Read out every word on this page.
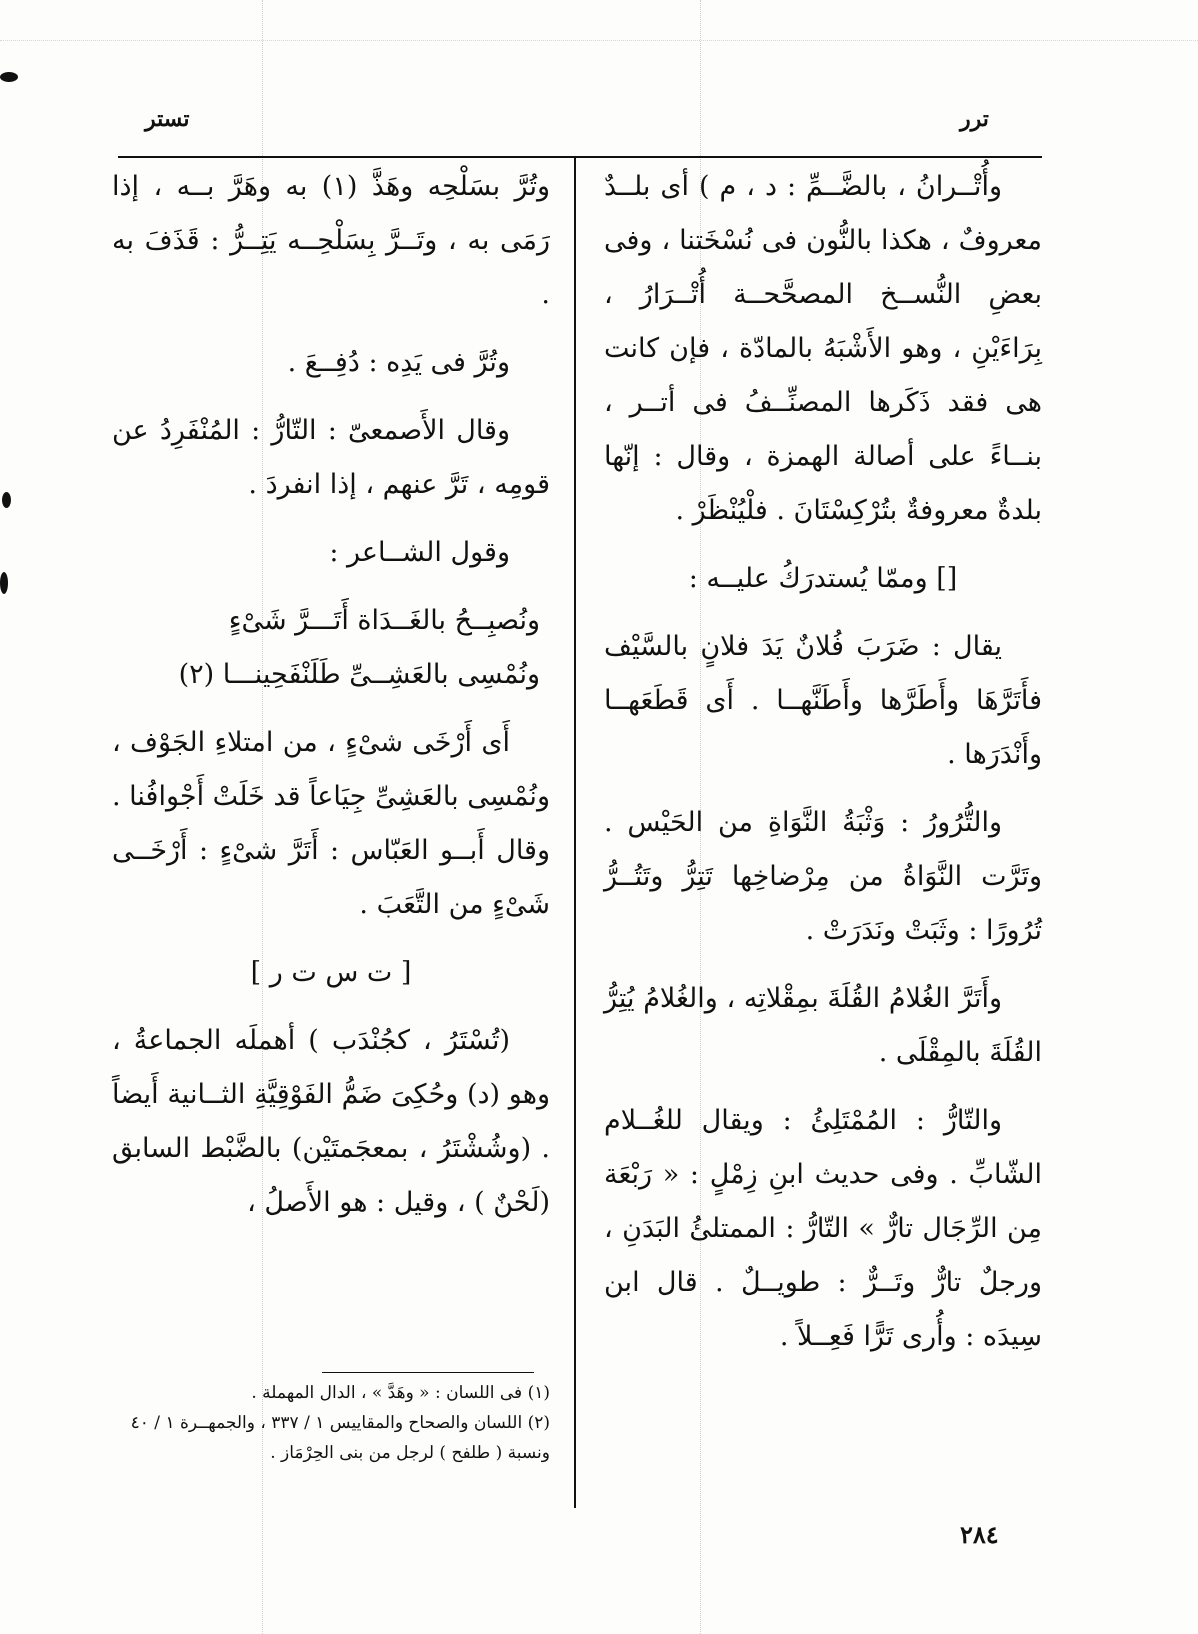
تستر	ترر

وأُتْــرانُ ، بالضَّــمِّ : د ، م ) أى بلــدٌ معروفٌ ، هكذا بالنُّون فى نُسْخَتنا ، وفى بعضِ النُّســخ المصحَّحــة أُتْــرَارُ ، بِرَاءَيْنِ ، وهو الأَشْبَهُ بالمادّة ، فإن كانت هى فقد ذَكَرها المصنِّــفُ فى أتــر ، بنــاءً على أصالة الهمزة ، وقال : إنّها بلدةٌ معروفةٌ بتُرْكِسْتَانَ . فلْيُنْظَرْ .

[] وممّا يُستدرَكُ عليــه :

يقال : ضَرَبَ فُلانٌ يَدَ فلانٍ بالسَّيْف فأَتَرَّهَا وأَطَرَّها وأَطَنَّهــا . أَى قَطَعَهــا وأَنْدَرَها .

والتُّرُورُ : وَثْبَةُ النَّوَاةِ من الحَيْس . وتَرَّت النَّوَاةُ من مِرْضاخِها تَتِرُّ وتَتُــرُّ تُرُورًا : وثَبَتْ ونَدَرَتْ .

وأَتَرَّ الغُلامُ القُلَةَ بمِقْلاتِه ، والغُلامُ يُتِرُّ القُلَةَ بالمِقْلَى .

والتّارُّ : المُمْتَلِئُ : ويقال للغُــلام الشّابِّ . وفى حديث ابنِ زِمْلٍ : « رَبْعَة مِن الرِّجَال تارٌّ » التّارُّ : الممتلئُ البَدَنِ ، ورجلٌ تارٌّ وتَــرٌّ : طويــلٌ . قال ابن سِيدَه : وأُرى تَرًّا فَعِــلاً .

وتُرَّ بسَلْحِه وهَذَّ (١) به وهَرَّ بــه ، إذا رَمَى به ، وتَــرَّ بِسَلْحِــه يَتِــرُّ : قَذَفَ به .

وتُرَّ فى يَدِه : دُفِــعَ .

وقال الأَصمعىّ : التّارُّ : المُنْفَرِدُ عن قومِه ، تَرَّ عنهم ، إذا انفردَ .

وقول الشــاعر :

ونُصبِــحُ بالغَــدَاة أَتَـــرَّ شَىْءٍ

ونُمْسِى بالعَشِــىِّ طَلَنْفَحِينـــا (٢)

أَى أَرْخَى شىْءٍ ، من امتلاءِ الجَوْف ، ونُمْسِى بالعَشِىِّ جِيَاعاً قد خَلَتْ أَجْوافُنا . وقال أَبــو العَبّاس : أَتَرَّ شىْءٍ : أَرْخَــى شَىْءٍ من التَّعَبَ .

[ ت س ت ر ]

(تُسْتَرُ ، كجُنْدَب ) أهملَه الجماعةُ ، وهو (د) وحُكِىَ ضَمُّ الفَوْقِيَّةِ الثــانية أَيضاً . (وشُشْتَرُ ، بمعجَمتَيْن) بالضَّبْط السابق (لَحْنٌ ) ، وقيل : هو الأَصلُ ،

(١) فى اللسان : « وهَدَّ » ، الدال المهملة .
(٢) اللسان والصحاح والمقاييس ١ / ٣٣٧ ، والجمهــرة ١ / ٤٠ ونسبة ( طلفح ) لرجل من بنى الحِرْمَاز .
٢٨٤
